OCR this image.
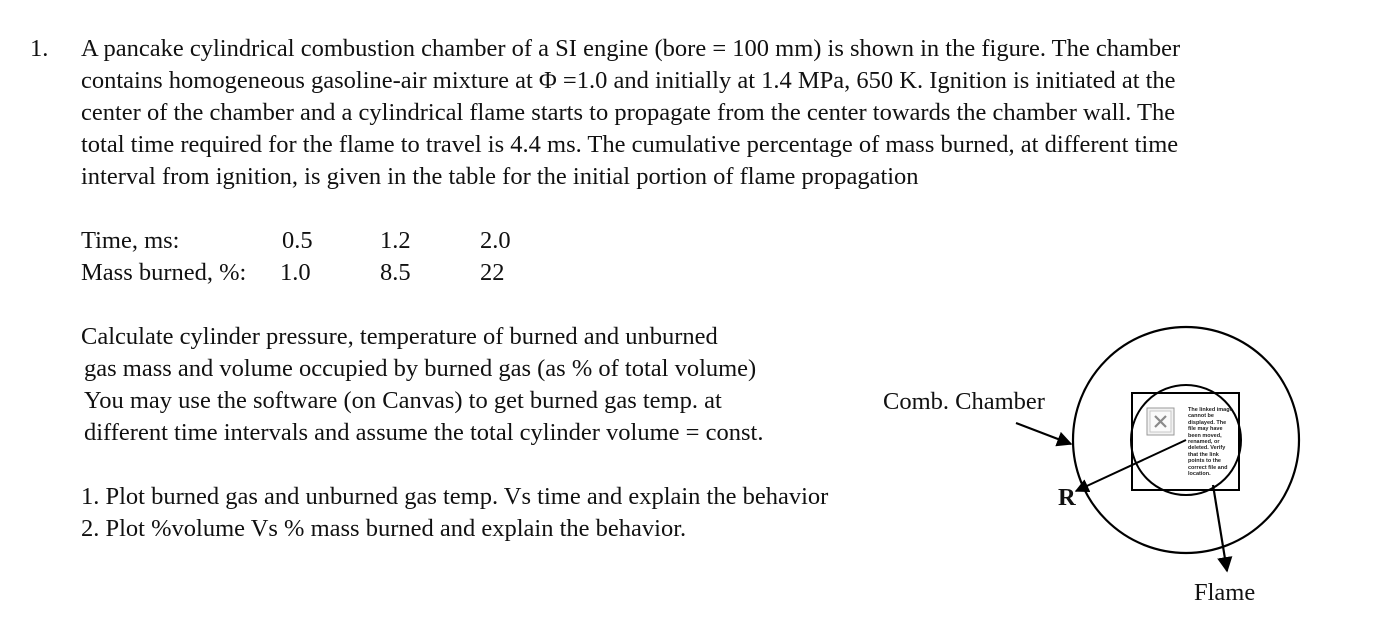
1. A pancake cylindrical combustion chamber of a SI engine (bore = 100 mm) is shown in the figure. The chamber
contains homogeneous gasoline-air mixture at Φ =1.0 and initially at 1.4 MPa, 650 K. Ignition is initiated at the
center of the chamber and a cylindrical flame starts to propagate from the center towards the chamber wall. The
total time required for the flame to travel is 4.4 ms. The cumulative percentage of mass burned, at different time
interval from ignition, is given in the table for the initial portion of flame propagation
Time, ms:	0.5	1.2	2.0
Mass burned, %: 1.0	8.5	22
Calculate cylinder pressure, temperature of burned and unburned
gas mass and volume occupied by burned gas (as % of total volume)
You may use the software (on Canvas) to get burned gas temp. at
different time intervals and assume the total cylinder volume = const.
1. Plot burned gas and unburned gas temp. Vs time and explain the behavior
2. Plot %volume Vs % mass burned and explain the behavior.
The linked image
cannot be
displayed. The
file may have
been moved,
renamed, or
deleted. Verify
that the link
points to the
correct file and
location.
Comb. Chamber
R
Flame
